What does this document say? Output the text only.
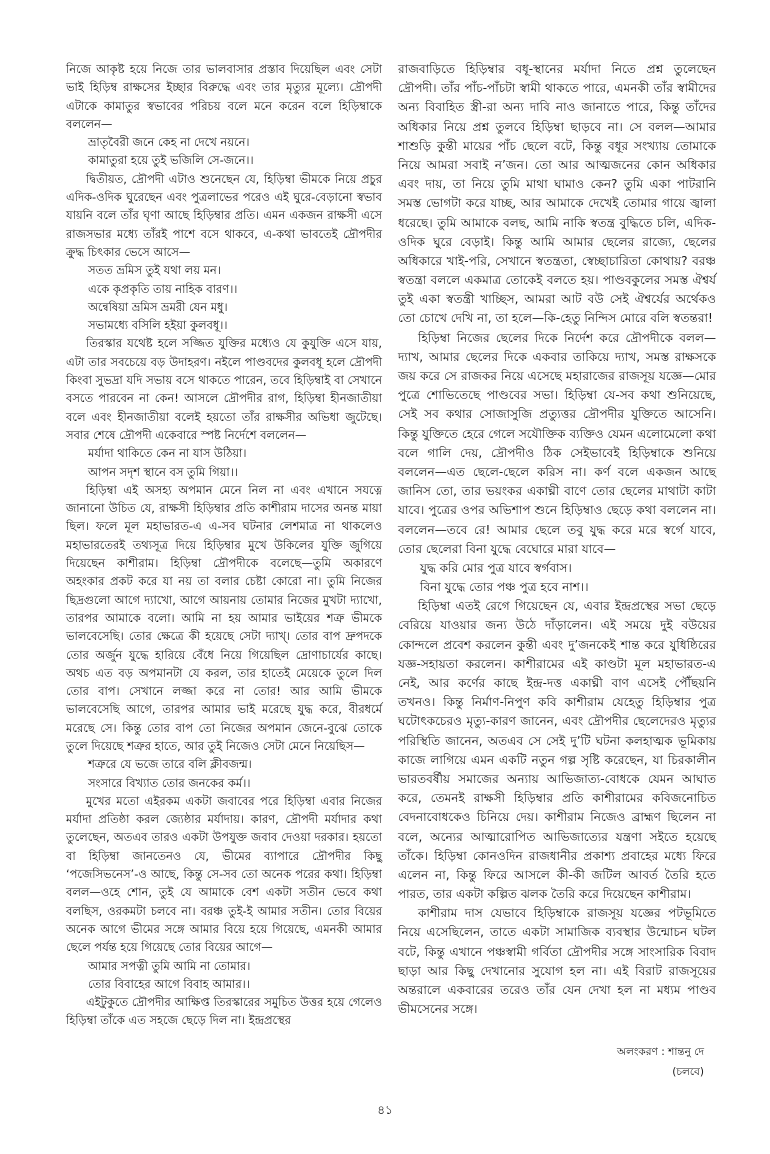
নিজে আকৃষ্ট হয়ে নিজে তার ভালবাসার প্রস্তাব দিয়েছিল এবং সেটা ভাই হিড়িম্ব রাক্ষসের ইচ্ছার বিরুদ্ধে এবং তার মৃত্যুর মূল্যে। দ্রৌপদী এটাকে কামাতুর স্বভাবের পরিচয় বলে মনে করেন বলে হিড়িম্বাকে বললেন—

ভ্রাতৃবৈরী জনে কেহ না দেখে নয়নে।
কামাতুরা হয়ে তুই ভজিলি সে-জনে।।

দ্বিতীয়ত, দ্রৌপদী এটাও শুনেছেন যে, হিড়িম্বা ভীমকে নিয়ে প্রচুর এদিক-ওদিক ঘুরেছেন এবং পুত্রলাভের পরেও এই ঘুরে-বেড়ানো স্বভাব যায়নি বলে তাঁর ঘৃণা আছে হিড়িম্বার প্রতি। এমন একজন রাক্ষসী এসে রাজসভার মধ্যে তাঁরই পাশে বসে থাকবে, এ-কথা ভাবতেই দ্রৌপদীর ক্রুদ্ধ চিৎকার ভেসে আসে—

সতত ভ্রমিস তুই যথা লয় মন।
একে কৃপ্রকৃতি তায় নাহিক বারণ।।
অন্বেষিয়া ভ্রমিস ভ্রমরী যেন মধু।
সভামধ্যে বসিলি হইয়া কুলবধূ।।

তিরস্কার যথেষ্ট হলে সজ্জিত যুক্তির মধ্যেও যে কুযুক্তি এসে যায়, এটা তার সবচেয়ে বড় উদাহরণ। নইলে পাণ্ডবদের কুলবধূ হলে দ্রৌপদী কিংবা সুভদ্রা যদি সভায় বসে থাকতে পারেন, তবে হিড়িম্বাই বা সেখানে বসতে পারবেন না কেন! আসলে দ্রৌপদীর রাগ, হিড়িম্বা হীনজাতীয়া বলে এবং হীনজাতীয়া বলেই হয়তো তাঁর রাক্ষসীর অভিধা জুটেছে। সবার শেষে দ্রৌপদী একেবারে স্পষ্ট নির্দেশে বললেন—

মর্যাদা থাকিতে কেন না যাস উঠিয়া।
আপন সদৃশ স্থানে বস তুমি গিয়া।।

হিড়িম্বা এই অসহ্য অপমান মেনে নিল না এবং এখানে সযত্নে জানানো উচিত যে, রাক্ষসী হিড়িম্বার প্রতি কাশীরাম দাসের অনন্ত মায়া ছিল। ফলে মূল মহাভারত-এ এ-সব ঘটনার লেশমাত্র না থাকলেও মহাভারতেরই তথ্যসূত্র দিয়ে হিড়িম্বার মুখে উকিলের যুক্তি জুগিয়ে দিয়েছেন কাশীরাম। হিড়িম্বা দ্রৌপদীকে বলেছে—তুমি অকারণে অহংকার প্রকট করে যা নয় তা বলার চেষ্টা কোরো না। তুমি নিজের ছিদ্রগুলো আগে দ্যাখো, আগে আয়নায় তোমার নিজের মুখটা দ্যাখো, তারপর আমাকে বলো। আমি না হয় আমার ভাইয়ের শত্রু ভীমকে ভালবেসেছি। তোর ক্ষেত্রে কী হয়েছে সেটা দ্যাখ্। তোর বাপ দ্রুপদকে তোর অর্জুন যুদ্ধে হারিয়ে বেঁধে নিয়ে গিয়েছিল দ্রোণাচার্যের কাছে। অথচ এত বড় অপমানটা যে করল, তার হাতেই মেয়েকে তুলে দিল তোর বাপ। সেখানে লজ্জা করে না তোর! আর আমি ভীমকে ভালবেসেছি আগে, তারপর আমার ভাই মরেছে যুদ্ধ করে, বীরধর্মে মরেছে সে। কিন্তু তোর বাপ তো নিজের অপমান জেনে-বুঝে তোকে তুলে দিয়েছে শত্রুর হাতে, আর তুই নিজেও সেটা মেনে নিয়েছিস—

শত্রুরে যে ভজে তারে বলি ক্লীবজন্ম।
সংসারে বিখ্যাত তোর জনকের কর্ম।।

মুখের মতো এইরকম একটা জবাবের পরে হিড়িম্বা এবার নিজের মর্যাদা প্রতিষ্ঠা করল জ্যেষ্ঠার মর্যাদায়। কারণ, দ্রৌপদী মর্যাদার কথা তুলেছেন, অতএব তারও একটা উপযুক্ত জবাব দেওয়া দরকার। হয়তো বা হিড়িম্বা জানতেনও যে, ভীমের ব্যাপারে দ্রৌপদীর কিছু ‘পজেসিভনেস’-ও আছে, কিন্তু সে-সব তো অনেক পরের কথা। হিড়িম্বা বলল—ওহে শোন, তুই যে আমাকে বেশ একটা সতীন ভেবে কথা বলছিস, ওরকমটা চলবে না। বরঞ্চ তুই-ই আমার সতীন। তোর বিয়ের অনেক আগে ভীমের সঙ্গে আমার বিয়ে হয়ে গিয়েছে, এমনকী আমার ছেলে পর্যন্ত হয়ে গিয়েছে তোর বিয়ের আগে—

আমার সপত্নী তুমি আমি না তোমার।
তোর বিবাহের আগে বিবাহ আমার।।

এইটুকুতে দ্রৌপদীর আক্ষিপ্ত তিরস্কারের সমুচিত উত্তর হয়ে গেলেও হিড়িম্বা তাঁকে এত সহজে ছেড়ে দিল না। ইন্দ্রপ্রস্থের

রাজবাড়িতে হিড়িম্বার বধূ-স্থানের মর্যাদা নিতে প্রশ্ন তুলেছেন দ্রৌপদী। তাঁর পাঁচ-পাঁচটা স্বামী থাকতে পারে, এমনকী তাঁর স্বামীদের অন্য বিবাহিত স্ত্রী-রা অন্য দাবি নাও জানাতে পারে, কিন্তু তাঁদের অধিকার নিয়ে প্রশ্ন তুলবে হিড়িম্বা ছাড়বে না। সে বলল—আমার শাশুড়ি কুন্তী মায়ের পাঁচ ছেলে বটে, কিন্তু বধূর সংখ্যায় তোমাকে নিয়ে আমরা সবাই ন’জন। তো আর আত্মজনের কোন অধিকার এবং দায়, তা নিয়ে তুমি মাথা ঘামাও কেন? তুমি একা পাটরানি সমস্ত ভোগটা করে যাচ্ছ, আর আমাকে দেখেই তোমার গায়ে জ্বালা ধরেছে। তুমি আমাকে বলছ, আমি নাকি স্বতন্ত্র বুদ্ধিতে চলি, এদিক-ওদিক ঘুরে বেড়াই। কিন্তু আমি আমার ছেলের রাজ্যে, ছেলের অধিকারে খাই-পরি, সেখানে স্বতন্ত্রতা, স্বেচ্ছাচারিতা কোথায়? বরঞ্চ স্বতন্ত্রা বললে একমাত্র তোকেই বলতে হয়। পাণ্ডবকুলের সমস্ত ঐশ্বর্য তুই একা স্বতন্ত্রী খাচ্ছিস, আমরা আট বউ সেই ঐশ্বর্যের অর্থেকও তো চোখে দেখি না, তা হলে—কি-হেতু নিন্দিস মোরে বলি স্বতন্তরা!

হিড়িম্বা নিজের ছেলের দিকে নির্দেশ করে দ্রৌপদীকে বলল—দ্যাখ, আমার ছেলের দিকে একবার তাকিয়ে দ্যাখ, সমস্ত রাক্ষসকে জয় করে সে রাজকর নিয়ে এসেছে মহারাজের রাজসূয় যজ্ঞে—মোর পুত্রে শোভিতেছে পাণ্ডবের সভা। হিড়িম্বা যে-সব কথা শুনিয়েছে, সেই সব কথার সোজাসুজি প্রত্যুত্তর দ্রৌপদীর যুক্তিতে আসেনি। কিন্তু যুক্তিতে হেরে গেলে সযৌক্তিক ব্যক্তিও যেমন এলোমেলো কথা বলে গালি দেয়, দ্রৌপদীও ঠিক সেইভাবেই হিড়িম্বাকে শুনিয়ে বললেন—এত ছেলে-ছেলে করিস না। কর্ণ বলে একজন আছে জানিস তো, তার ভয়ংকর একাঘ্নী বাণে তোর ছেলের মাথাটা কাটা যাবে। পুত্রের ওপর অভিশাপ শুনে হিড়িম্বাও ছেড়ে কথা বললেন না। বললেন—তবে রে! আমার ছেলে তবু যুদ্ধ করে মরে স্বর্গে যাবে, তোর ছেলেরা বিনা যুদ্ধে বেঘোরে মারা যাবে—

যুদ্ধ করি মোর পুত্র যাবে স্বর্গবাস।
বিনা যুদ্ধে তোর পঞ্চ পুত্র হবে নাশ।।

হিড়িম্বা এতই রেগে গিয়েছেন যে, এবার ইন্দ্রপ্রস্থের সভা ছেড়ে বেরিয়ে যাওয়ার জন্য উঠে দাঁড়ালেন। এই সময়ে দুই বউয়ের কোন্দলে প্রবেশ করলেন কুন্তী এবং দু’জনকেই শান্ত করে যুধিষ্ঠিরের যজ্ঞ-সহায়তা করলেন। কাশীরামের এই কাণ্ডটা মূল মহাভারত-এ নেই, আর কর্ণের কাছে ইন্দ্র-দত্ত একাঘ্নী বাণ এসেই পৌঁছয়নি তখনও। কিন্তু নির্মাণ-নিপুণ কবি কাশীরাম যেহেতু হিড়িম্বার পুত্র ঘটোৎকচেরও মৃত্যু-কারণ জানেন, এবং দ্রৌপদীর ছেলেদেরও মৃত্যুর পরিস্থিতি জানেন, অতএব সে সেই দু’টি ঘটনা কলহাত্মক ভূমিকায় কাজে লাগিয়ে এমন একটি নতুন গল্প সৃষ্টি করেছেন, যা চিরকালীন ভারতবর্ষীয় সমাজের অন্যায় আভিজাত্য-বোধকে যেমন আঘাত করে, তেমনই রাক্ষসী হিড়িম্বার প্রতি কাশীরামের কবিজনোচিত বেদনাবোধকেও চিনিয়ে দেয়। কাশীরাম নিজেও ব্রাহ্মণ ছিলেন না বলে, অন্যের আত্মারোপিত আভিজাত্যের যন্ত্রণা সইতে হয়েছে তাঁকে। হিড়িম্বা কোনওদিন রাজধানীর প্রকাশ্য প্রবাহের মধ্যে ফিরে এলেন না, কিন্তু ফিরে আসলে কী-কী জটিল আবর্ত তৈরি হতে পারত, তার একটা কল্পিত ঝলক তৈরি করে দিয়েছেন কাশীরাম।

কাশীরাম দাস যেভাবে হিড়িম্বাকে রাজসূয় যজ্ঞের পটভূমিতে নিয়ে এসেছিলেন, তাতে একটা সামাজিক ব্যবস্থার উন্মোচন ঘটল বটে, কিন্তু এখানে পঞ্চস্বামী গর্বিতা দ্রৌপদীর সঙ্গে সাংসারিক বিবাদ ছাড়া আর কিছু দেখানোর সুযোগ হল না। এই বিরাট রাজসূয়ের অন্তরালে একবারের তরেও তাঁর যেন দেখা হল না মধ্যম পাণ্ডব ভীমসেনের সঙ্গে।

অলংকরণ : শান্তনু দে
(চলবে)
৪১
